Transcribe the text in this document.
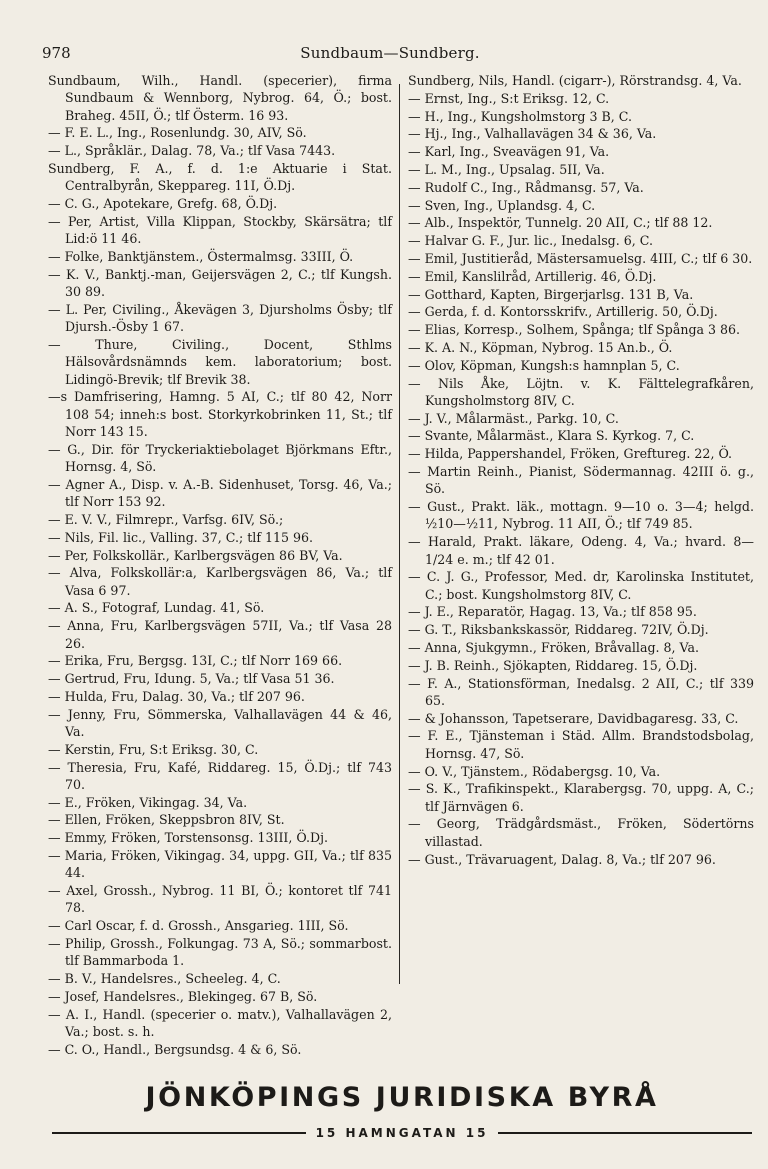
978	Sundbaum—Sundberg.
Sundbaum, Wilh., Handl. (specerier), firma Sundbaum & Wennborg, Nybrog. 64, Ö.; bost. Braheg. 45II, Ö.; tlf Österm. 16 93.
— F. E. L., Ing., Rosenlundg. 30, AIV, Sö.
— L., Språklär., Dalag. 78, Va.; tlf Vasa 7443.
Sundberg, F. A., f. d. 1:e Aktuarie i Stat. Centralbyrån, Skeppareg. 11I, Ö.Dj.
— C. G., Apotekare, Grefg. 68, Ö.Dj.
— Per, Artist, Villa Klippan, Stockby, Skärsätra; tlf Lid:ö 11 46.
— Folke, Banktjänstem., Östermalmsg. 33III, Ö.
— K. V., Banktj.-man, Geijersvägen 2, C.; tlf Kungsh. 30 89.
— L. Per, Civiling., Åkevägen 3, Djursholms Ösby; tlf Djursh.-Ösby 1 67.
— Thure, Civiling., Docent, Sthlms Hälsovårdsnämnds kem. laboratorium; bost. Lidingö-Brevik; tlf Brevik 38.
—s Damfrisering, Hamng. 5 AI, C.; tlf 80 42, Norr 108 54; inneh:s bost. Storkyrkobrinken 11, St.; tlf Norr 143 15.
— G., Dir. för Tryckeriaktiebolaget Björkmans Eftr., Hornsg. 4, Sö.
— Agner A., Disp. v. A.-B. Sidenhuset, Torsg. 46, Va.; tlf Norr 153 92.
— E. V. V., Filmrepr., Varfsg. 6IV, Sö.;
— Nils, Fil. lic., Valling. 37, C.; tlf 115 96.
— Per, Folkskollär., Karlbergsvägen 86 BV, Va.
— Alva, Folkskollär:a, Karlbergsvägen 86, Va.; tlf Vasa 6 97.
— A. S., Fotograf, Lundag. 41, Sö.
— Anna, Fru, Karlbergsvägen 57II, Va.; tlf Vasa 28 26.
— Erika, Fru, Bergsg. 13I, C.; tlf Norr 169 66.
— Gertrud, Fru, Idung. 5, Va.; tlf Vasa 51 36.
— Hulda, Fru, Dalag. 30, Va.; tlf 207 96.
— Jenny, Fru, Sömmerska, Valhallavägen 44 & 46, Va.
— Kerstin, Fru, S:t Eriksg. 30, C.
— Theresia, Fru, Kafé, Riddareg. 15, Ö.Dj.; tlf 743 70.
— E., Fröken, Vikingag. 34, Va.
— Ellen, Fröken, Skeppsbron 8IV, St.
— Emmy, Fröken, Torstensonsg. 13III, Ö.Dj.
— Maria, Fröken, Vikingag. 34, uppg. GII, Va.; tlf 835 44.
— Axel, Grossh., Nybrog. 11 BI, Ö.; kontoret tlf 741 78.
— Carl Oscar, f. d. Grossh., Ansgarieg. 1III, Sö.
— Philip, Grossh., Folkungag. 73 A, Sö.; sommarbost. tlf Bammarboda 1.
— B. V., Handelsres., Scheeleg. 4, C.
— Josef, Handelsres., Blekingeg. 67 B, Sö.
— A. I., Handl. (specerier o. matv.), Valhallavägen 2, Va.; bost. s. h.
— C. O., Handl., Bergsundsg. 4 & 6, Sö.
Sundberg, Nils, Handl. (cigarr-), Rörstrandsg. 4, Va.
— Ernst, Ing., S:t Eriksg. 12, C.
— H., Ing., Kungsholmstorg 3 B, C.
— Hj., Ing., Valhallavägen 34 & 36, Va.
— Karl, Ing., Sveavägen 91, Va.
— L. M., Ing., Upsalag. 5II, Va.
— Rudolf C., Ing., Rådmansg. 57, Va.
— Sven, Ing., Uplandsg. 4, C.
— Alb., Inspektör, Tunnelg. 20 AII, C.; tlf 88 12.
— Halvar G. F., Jur. lic., Inedalsg. 6, C.
— Emil, Justitieråd, Mästersamuelsg. 4III, C.; tlf 6 30.
— Emil, Kanslilråd, Artillerig. 46, Ö.Dj.
— Gotthard, Kapten, Birgerjarlsg. 131 B, Va.
— Gerda, f. d. Kontorsskrifv., Artillerig. 50, Ö.Dj.
— Elias, Korresp., Solhem, Spånga; tlf Spånga 3 86.
— K. A. N., Köpman, Nybrog. 15 An.b., Ö.
— Olov, Köpman, Kungsh:s hamnplan 5, C.
— Nils Åke, Löjtn. v. K. Fälttelegrafkåren, Kungsholmstorg 8IV, C.
— J. V., Målarmäst., Parkg. 10, C.
— Svante, Målarmäst., Klara S. Kyrkog. 7, C.
— Hilda, Pappershandel, Fröken, Greftureg. 22, Ö.
— Martin Reinh., Pianist, Södermannag. 42III ö. g., Sö.
— Gust., Prakt. läk., mottagn. 9—10 o. 3—4; helgd. ½10—½11, Nybrog. 11 AII, Ö.; tlf 749 85.
— Harald, Prakt. läkare, Odeng. 4, Va.; hvard. 8—1/24 e. m.; tlf 42 01.
— C. J. G., Professor, Med. dr, Karolinska Institutet, C.; bost. Kungsholmstorg 8IV, C.
— J. E., Reparatör, Hagag. 13, Va.; tlf 858 95.
— G. T., Riksbankskassör, Riddareg. 72IV, Ö.Dj.
— Anna, Sjukgymn., Fröken, Bråvallag. 8, Va.
— J. B. Reinh., Sjökapten, Riddareg. 15, Ö.Dj.
— F. A., Stationsförman, Inedalsg. 2 AII, C.; tlf 339 65.
— & Johansson, Tapetserare, Davidbagaresg. 33, C.
— F. E., Tjänsteman i Städ. Allm. Brandstodsbolag, Hornsg. 47, Sö.
— O. V., Tjänstem., Rödabergsg. 10, Va.
— S. K., Trafikinspekt., Klarabergsg. 70, uppg. A, C.; tlf Järnvägen 6.
— Georg, Trädgårdsmäst., Fröken, Södertörns villastad.
— Gust., Trävaruagent, Dalag. 8, Va.; tlf 207 96.
JÖNKÖPINGS JURIDISKA BYRÅ
15 HAMNGATAN 15
